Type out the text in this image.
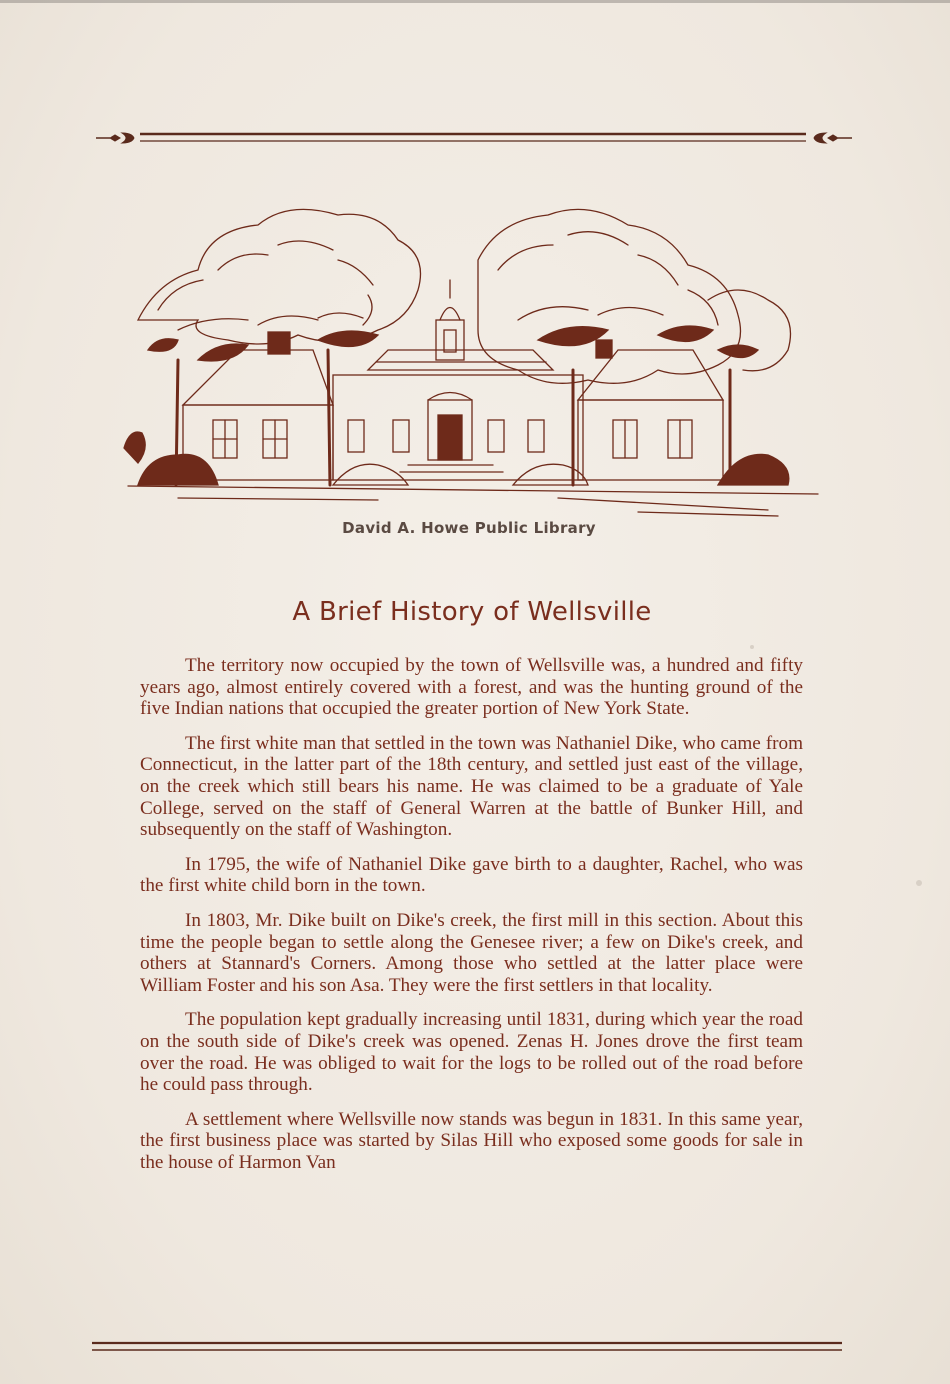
David A. Howe Public Library
A Brief History of Wellsville

The territory now occupied by the town of Wellsville was, a hundred and fifty years ago, almost entirely covered with a forest, and was the hunting ground of the five Indian nations that occupied the greater portion of New York State.

The first white man that settled in the town was Nathaniel Dike, who came from Connecticut, in the latter part of the 18th century, and settled just east of the village, on the creek which still bears his name. He was claimed to be a graduate of Yale College, served on the staff of General Warren at the battle of Bunker Hill, and subsequently on the staff of Washington.

In 1795, the wife of Nathaniel Dike gave birth to a daughter, Rachel, who was the first white child born in the town.

In 1803, Mr. Dike built on Dike's creek, the first mill in this section. About this time the people began to settle along the Genesee river; a few on Dike's creek, and others at Stannard's Corners. Among those who settled at the latter place were William Foster and his son Asa. They were the first settlers in that locality.

The population kept gradually increasing until 1831, during which year the road on the south side of Dike's creek was opened. Zenas H. Jones drove the first team over the road. He was obliged to wait for the logs to be rolled out of the road before he could pass through.

A settlement where Wellsville now stands was begun in 1831. In this same year, the first business place was started by Silas Hill who exposed some goods for sale in the house of Harmon Van
